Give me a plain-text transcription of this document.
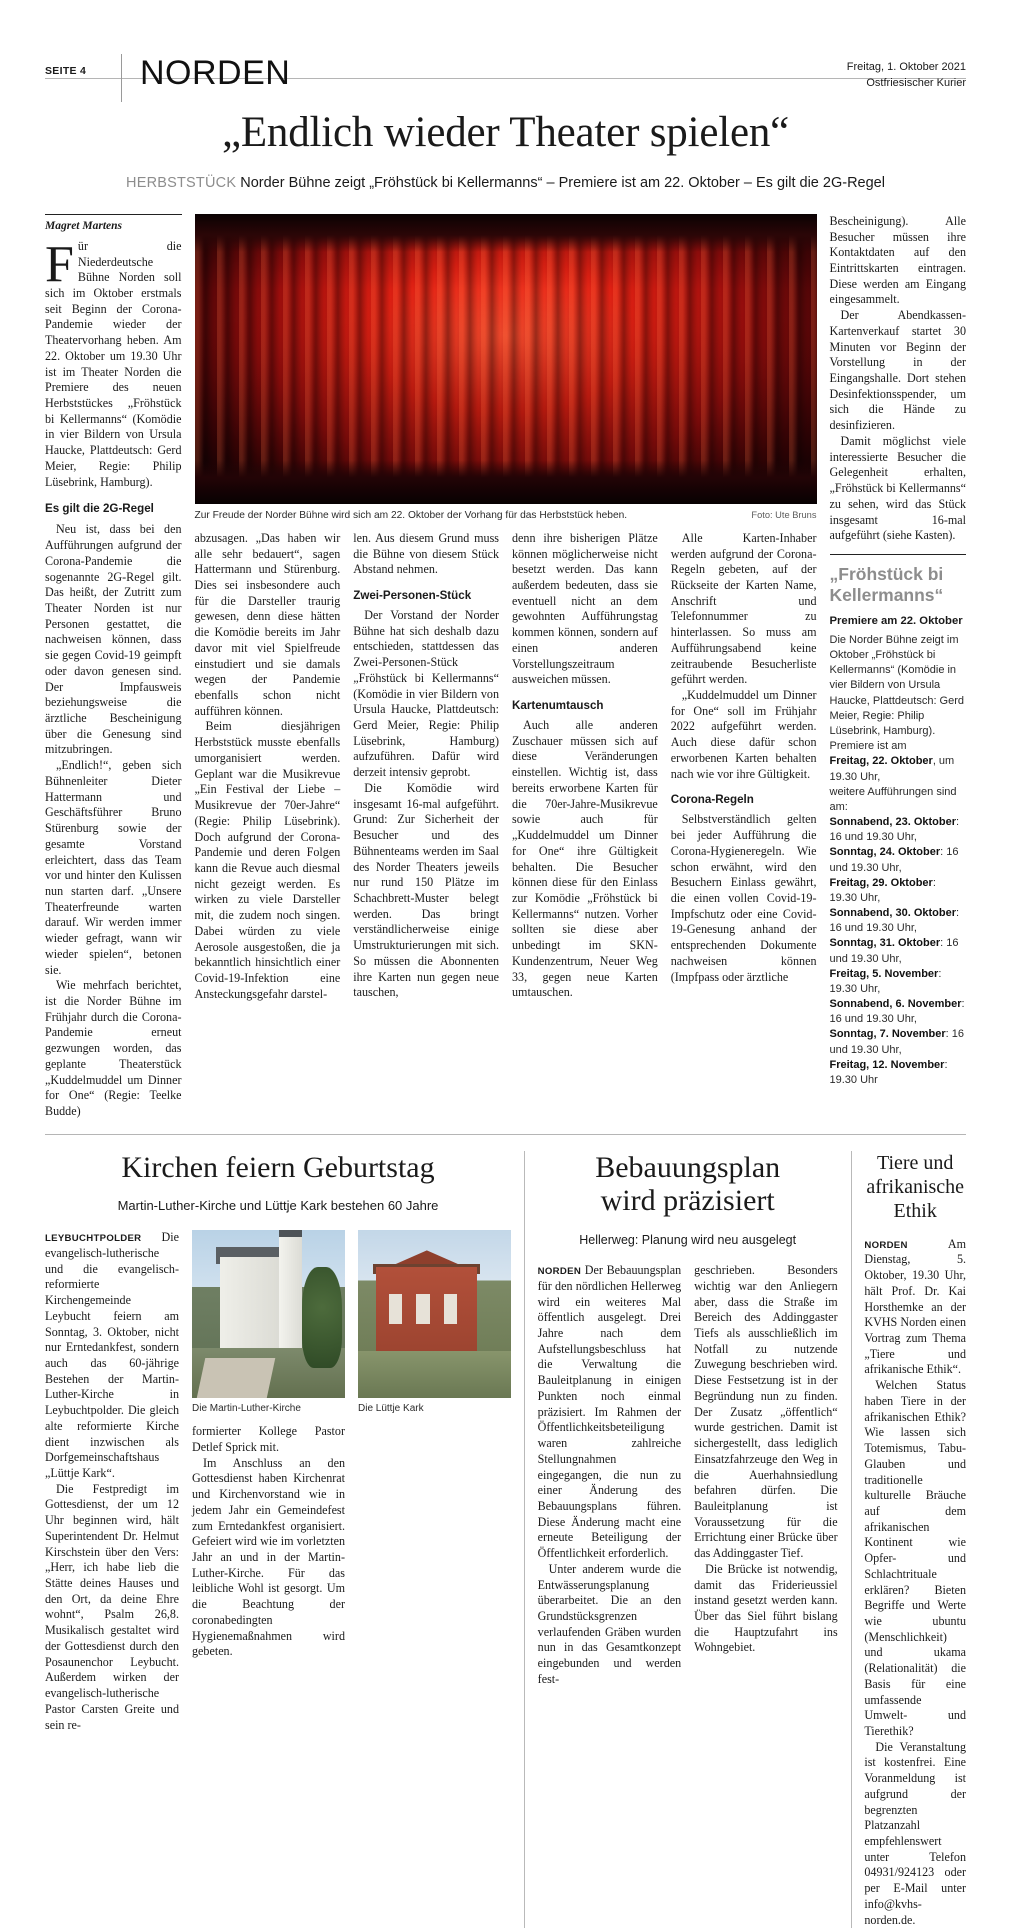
SEITE 4	NORDEN	Freitag, 1. Oktober 2021
Ostfriesischer Kurier
„Endlich wieder Theater spielen“
HERBSTSTÜCK Norder Bühne zeigt „Fröhstück bi Kellermanns“ – Premiere ist am 22. Oktober – Es gilt die 2G-Regel
Magret Martens

Für die Niederdeutsche Bühne Norden soll sich im Oktober erstmals seit Beginn der Corona-Pandemie wieder der Theatervorhang heben. Am 22. Oktober um 19.30 Uhr ist im Theater Norden die Premiere des neuen Herbststückes „Fröhstück bi Kellermanns“ (Komödie in vier Bildern von Ursula Haucke, Plattdeutsch: Gerd Meier, Regie: Philip Lüsebrink, Hamburg).

Es gilt die 2G-Regel

Neu ist, dass bei den Aufführungen aufgrund der Corona-Pandemie die sogenannte 2G-Regel gilt. Das heißt, der Zutritt zum Theater Norden ist nur Personen gestattet, die nachweisen können, dass sie gegen Covid-19 geimpft oder davon genesen sind. Der Impfausweis beziehungsweise die ärztliche Bescheinigung über die Genesung sind mitzubringen.

„Endlich!“, geben sich Bühnenleiter Dieter Hattermann und Geschäftsführer Bruno Stürenburg sowie der gesamte Vorstand erleichtert, dass das Team vor und hinter den Kulissen nun starten darf. „Unsere Theaterfreunde warten darauf. Wir werden immer wieder gefragt, wann wir wieder spielen“, betonen sie.

Wie mehrfach berichtet, ist die Norder Bühne im Frühjahr durch die Corona-Pandemie erneut gezwungen worden, das geplante Theaterstück „Kuddelmuddel um Dinner for One“ (Regie: Teelke Budde)

Zur Freude der Norder Bühne wird sich am 22. Oktober der Vorhang für das Herbststück heben.	Foto: Ute Bruns

abzusagen. „Das haben wir alle sehr bedauert“, sagen Hattermann und Stürenburg. Dies sei insbesondere auch für die Darsteller traurig gewesen, denn diese hätten die Komödie bereits im Jahr davor mit viel Spielfreude einstudiert und sie damals wegen der Pandemie ebenfalls schon nicht aufführen können.

Beim diesjährigen Herbststück musste ebenfalls umorganisiert werden. Geplant war die Musikrevue „Ein Festival der Liebe – Musikrevue der 70er-Jahre“ (Regie: Philip Lüsebrink). Doch aufgrund der Corona-Pandemie und deren Folgen kann die Revue auch diesmal nicht gezeigt werden. Es wirken zu viele Darsteller mit, die zudem noch singen. Dabei würden zu viele Aerosole ausgestoßen, die ja bekanntlich hinsichtlich einer Covid-19-Infektion eine Ansteckungsgefahr darstel-

len. Aus diesem Grund muss die Bühne von diesem Stück Abstand nehmen.

Zwei-Personen-Stück

Der Vorstand der Norder Bühne hat sich deshalb dazu entschieden, stattdessen das Zwei-Personen-Stück „Fröhstück bi Kellermanns“ (Komödie in vier Bildern von Ursula Haucke, Plattdeutsch: Gerd Meier, Regie: Philip Lüsebrink, Hamburg) aufzuführen. Dafür wird derzeit intensiv geprobt.

Die Komödie wird insgesamt 16-mal aufgeführt. Grund: Zur Sicherheit der Besucher und des Bühnenteams werden im Saal des Norder Theaters jeweils nur rund 150 Plätze im Schachbrett-Muster belegt werden. Das bringt verständlicherweise einige Umstrukturierungen mit sich. So müssen die Abonnenten ihre Karten nun gegen neue tauschen,

denn ihre bisherigen Plätze können möglicherweise nicht besetzt werden. Das kann außerdem bedeuten, dass sie eventuell nicht an dem gewohnten Aufführungstag kommen können, sondern auf einen anderen Vorstellungszeitraum ausweichen müssen.

Kartenumtausch

Auch alle anderen Zuschauer müssen sich auf diese Veränderungen einstellen. Wichtig ist, dass bereits erworbene Karten für die 70er-Jahre-Musikrevue sowie auch für „Kuddelmuddel um Dinner for One“ ihre Gültigkeit behalten. Die Besucher können diese für den Einlass zur Komödie „Fröhstück bi Kellermanns“ nutzen. Vorher sollten sie diese aber unbedingt im SKN-Kundenzentrum, Neuer Weg 33, gegen neue Karten umtauschen.

Alle Karten-Inhaber werden aufgrund der Corona-Regeln gebeten, auf der Rückseite der Karten Name, Anschrift und Telefonnummer zu hinterlassen. So muss am Aufführungsabend keine zeitraubende Besucherliste geführt werden.

„Kuddelmuddel um Dinner for One“ soll im Frühjahr 2022 aufgeführt werden. Auch diese dafür schon erworbenen Karten behalten nach wie vor ihre Gültigkeit.

Corona-Regeln

Selbstverständlich gelten bei jeder Aufführung die Corona-Hygieneregeln. Wie schon erwähnt, wird den Besuchern Einlass gewährt, die einen vollen Covid-19-Impfschutz oder eine Covid-19-Genesung anhand der entsprechenden Dokumente nachweisen können (Impfpass oder ärztliche

Bescheinigung). Alle Besucher müssen ihre Kontaktdaten auf den Eintrittskarten eintragen. Diese werden am Eingang eingesammelt.

Der Abendkassen-Kartenverkauf startet 30 Minuten vor Beginn der Vorstellung in der Eingangshalle. Dort stehen Desinfektionsspender, um sich die Hände zu desinfizieren.

Damit möglichst viele interessierte Besucher die Gelegenheit erhalten, „Fröhstück bi Kellermanns“ zu sehen, wird das Stück insgesamt 16-mal aufgeführt (siehe Kasten).

„Fröhstück bi Kellermanns“
Premiere am 22. Oktober
Die Norder Bühne zeigt im Oktober „Fröhstück bi Kellermanns“ (Komödie in vier Bildern von Ursula Haucke, Plattdeutsch: Gerd Meier, Regie: Philip Lüsebrink, Hamburg). Premiere ist am
Freitag, 22. Oktober, um 19.30 Uhr,
weitere Aufführungen sind am:
Sonnabend, 23. Oktober: 16 und 19.30 Uhr,
Sonntag, 24. Oktober: 16 und 19.30 Uhr,
Freitag, 29. Oktober: 19.30 Uhr,
Sonnabend, 30. Oktober: 16 und 19.30 Uhr,
Sonntag, 31. Oktober: 16 und 19.30 Uhr,
Freitag, 5. November: 19.30 Uhr,
Sonnabend, 6. November: 16 und 19.30 Uhr,
Sonntag, 7. November: 16 und 19.30 Uhr,
Freitag, 12. November: 19.30 Uhr

Kirchen feiern Geburtstag
Martin-Luther-Kirche und Lüttje Kark bestehen 60 Jahre

LEYBUCHTPOLDER Die evangelisch-lutherische und die evangelisch-reformierte Kirchengemeinde Leybucht feiern am Sonntag, 3. Oktober, nicht nur Erntedankfest, sondern auch das 60-jährige Bestehen der Martin-Luther-Kirche in Leybuchtpolder. Die gleich alte reformierte Kirche dient inzwischen als Dorfgemeinschaftshaus „Lüttje Kark“.

Die Festpredigt im Gottesdienst, der um 12 Uhr beginnen wird, hält Superintendent Dr. Helmut Kirschstein über den Vers: „Herr, ich habe lieb die Stätte deines Hauses und den Ort, da deine Ehre wohnt“, Psalm 26,8. Musikalisch gestaltet wird der Gottesdienst durch den Posaunenchor Leybucht. Außerdem wirken der evangelisch-lutherische Pastor Carsten Greite und sein re-

Die Martin-Luther-Kirche

formierter Kollege Pastor Detlef Sprick mit.

Im Anschluss an den Gottesdienst haben Kirchenrat und Kirchenvorstand wie in jedem Jahr ein Gemeindefest zum Erntedankfest organisiert. Gefeiert wird wie im vorletzten Jahr an und in der Martin-Luther-Kirche. Für das leibliche Wohl ist gesorgt. Um die Beachtung der coronabedingten Hygienemaßnahmen wird gebeten.

Die Lüttje Kark
Bebauungsplan
wird präzisiert
Hellerweg: Planung wird neu ausgelegt

NORDEN Der Bebauungsplan für den nördlichen Hellerweg wird ein weiteres Mal öffentlich ausgelegt. Drei Jahre nach dem Aufstellungsbeschluss hat die Verwaltung die Bauleitplanung in einigen Punkten noch einmal präzisiert. Im Rahmen der Öffentlichkeitsbeteiligung waren zahlreiche Stellungnahmen eingegangen, die nun zu einer Änderung des Bebauungsplans führen. Diese Änderung macht eine erneute Beteiligung der Öffentlichkeit erforderlich.

Unter anderem wurde die Entwässerungsplanung überarbeitet. Die an den Grundstücksgrenzen verlaufenden Gräben wurden nun in das Gesamtkonzept eingebunden und werden fest-

geschrieben. Besonders wichtig war den Anliegern aber, dass die Straße im Bereich des Addinggaster Tiefs als ausschließlich im Notfall zu nutzende Zuwegung beschrieben wird. Diese Festsetzung ist in der Begründung nun zu finden. Der Zusatz „öffentlich“ wurde gestrichen. Damit ist sichergestellt, dass lediglich Einsatzfahrzeuge den Weg in die Auerhahnsiedlung befahren dürfen. Die Bauleitplanung ist Voraussetzung für die Errichtung einer Brücke über das Addinggaster Tief.

Die Brücke ist notwendig, damit das Friderieussiel instand gesetzt werden kann. Über das Siel führt bislang die Hauptzufahrt ins Wohngebiet.

Tiere und
afrikanische
Ethik

NORDEN Am Dienstag, 5. Oktober, 19.30 Uhr, hält Prof. Dr. Kai Horsthemke an der KVHS Norden einen Vortrag zum Thema „Tiere und afrikanische Ethik“.

Welchen Status haben Tiere in der afrikanischen Ethik? Wie lassen sich Totemismus, Tabu-Glauben und traditionelle kulturelle Bräuche auf dem afrikanischen Kontinent wie Opfer- und Schlachtrituale erklären? Bieten Begriffe und Werte wie ubuntu (Menschlichkeit) und ukama (Relationalität) die Basis für eine umfassende Umwelt- und Tierethik?

Die Veranstaltung ist kostenfrei. Eine Voranmeldung ist aufgrund der begrenzten Platzanzahl empfehlenswert unter Telefon 04931/924123 oder per E-Mail unter info@kvhs-norden.de.
